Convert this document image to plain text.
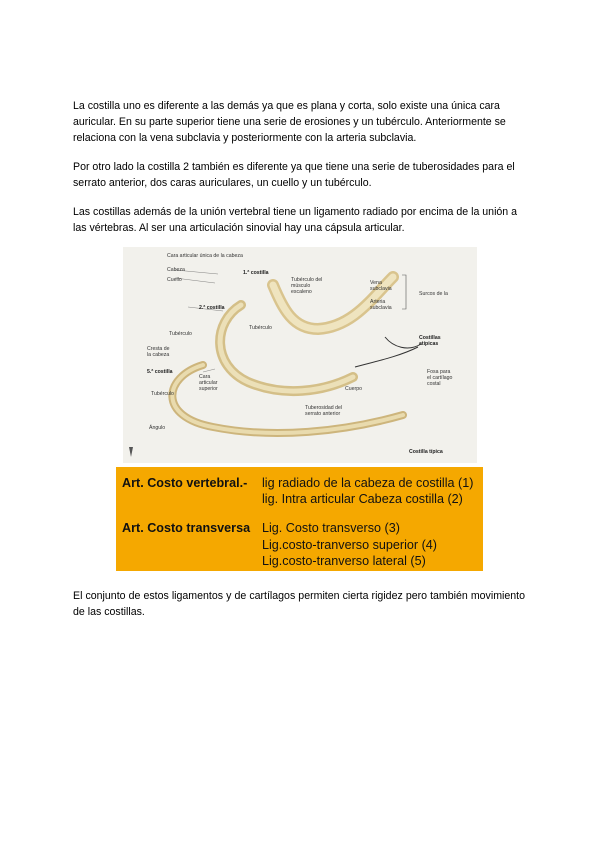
La costilla uno es diferente a las demás ya que es plana y corta, solo existe una única cara auricular. En su parte superior tiene una serie de erosiones y un tubérculo. Anteriormente se relaciona con la vena subclavia y posteriormente con la arteria subclavia.

Por otro lado la costilla 2 también es diferente ya que tiene una serie de tuberosidades para el serrato anterior, dos caras auriculares, un cuello y un tubérculo.

Las costillas además de la unión vertebral tiene un ligamento radiado por encima de la unión a las vértebras. Al ser una articulación sinovial hay una cápsula articular.

Cara articular única de la cabeza
Cabeza	1.ª costilla
Cuello	Tubérculo del
músculo
escaleno
Vena
subclavia
Surcos de la
Arteria
subclavia
2.ª costilla
Tubérculo
Tubérculo
Costillas
atípicas
Cresta de
la cabeza
5.ª costilla
Cara
articular
superior	Cuerpo
Fosa para
el cartílago
costal
Tubérculo
Tuberosidad del
serrato anterior
Ángulo
Costilla típica
Art. Costo vertebral.- lig radiado de la cabeza de costilla (1)
lig. Intra articular Cabeza costilla (2)
Art. Costo transversa Lig. Costo transverso (3)
Lig.costo-tranverso superior (4)
Lig.costo-tranverso lateral (5)

El conjunto de estos ligamentos y de cartílagos permiten cierta rigidez pero también movimiento de las costillas.
